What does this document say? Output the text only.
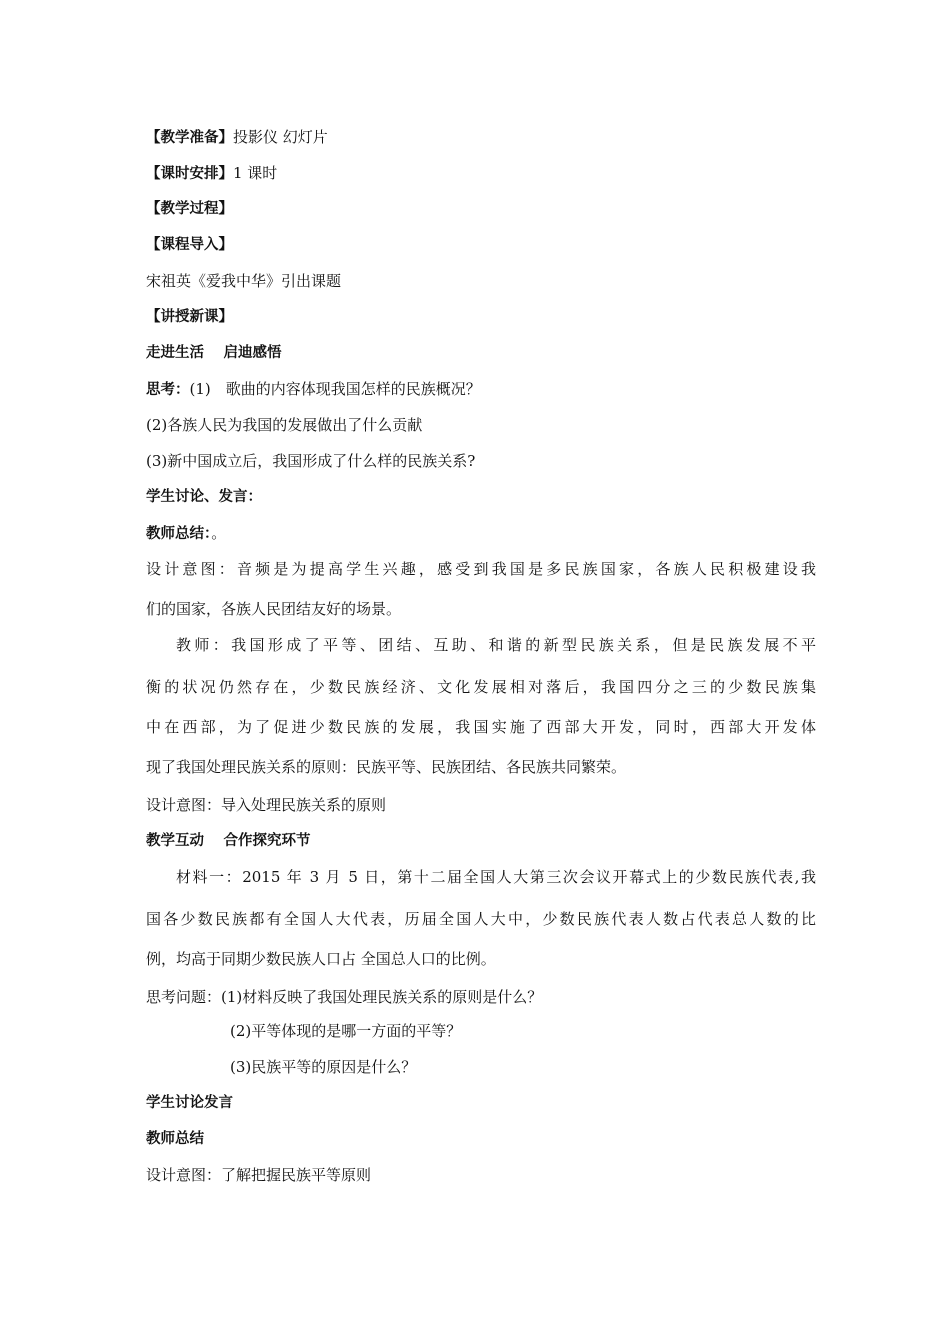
【教学准备】投影仪 幻灯片
【课时安排】1 课时
【教学过程】
【课程导入】
宋祖英《爱我中华》引出课题
【讲授新课】
走进生活　 启迪感悟
思考：(1)　歌曲的内容体现我国怎样的民族概况？
(2)各族人民为我国的发展做出了什么贡献
(3)新中国成立后，我国形成了什么样的民族关系?
学生讨论、发言：
教师总结：。
设计意图：音频是为提高学生兴趣，感受到我国是多民族国家，各族人民积极建设我
们的国家，各族人民团结友好的场景。
教师：我国形成了平等、团结、互助、和谐的新型民族关系，但是民族发展不平
衡的状况仍然存在，少数民族经济、文化发展相对落后，我国四分之三的少数民族集
中在西部，为了促进少数民族的发展，我国实施了西部大开发，同时，西部大开发体
现了我国处理民族关系的原则：民族平等、民族团结、各民族共同繁荣。
设计意图：导入处理民族关系的原则
教学互动　 合作探究环节
材料一：2015 年 3 月 5 日，第十二届全国人大第三次会议开幕式上的少数民族代表,我
国各少数民族都有全国人大代表，历届全国人大中，少数民族代表人数占代表总人数的比
例，均高于同期少数民族人口占 全国总人口的比例。
思考问题：(1)材料反映了我国处理民族关系的原则是什么？
(2)平等体现的是哪一方面的平等？
(3)民族平等的原因是什么？
学生讨论发言
教师总结
设计意图：了解把握民族平等原则
